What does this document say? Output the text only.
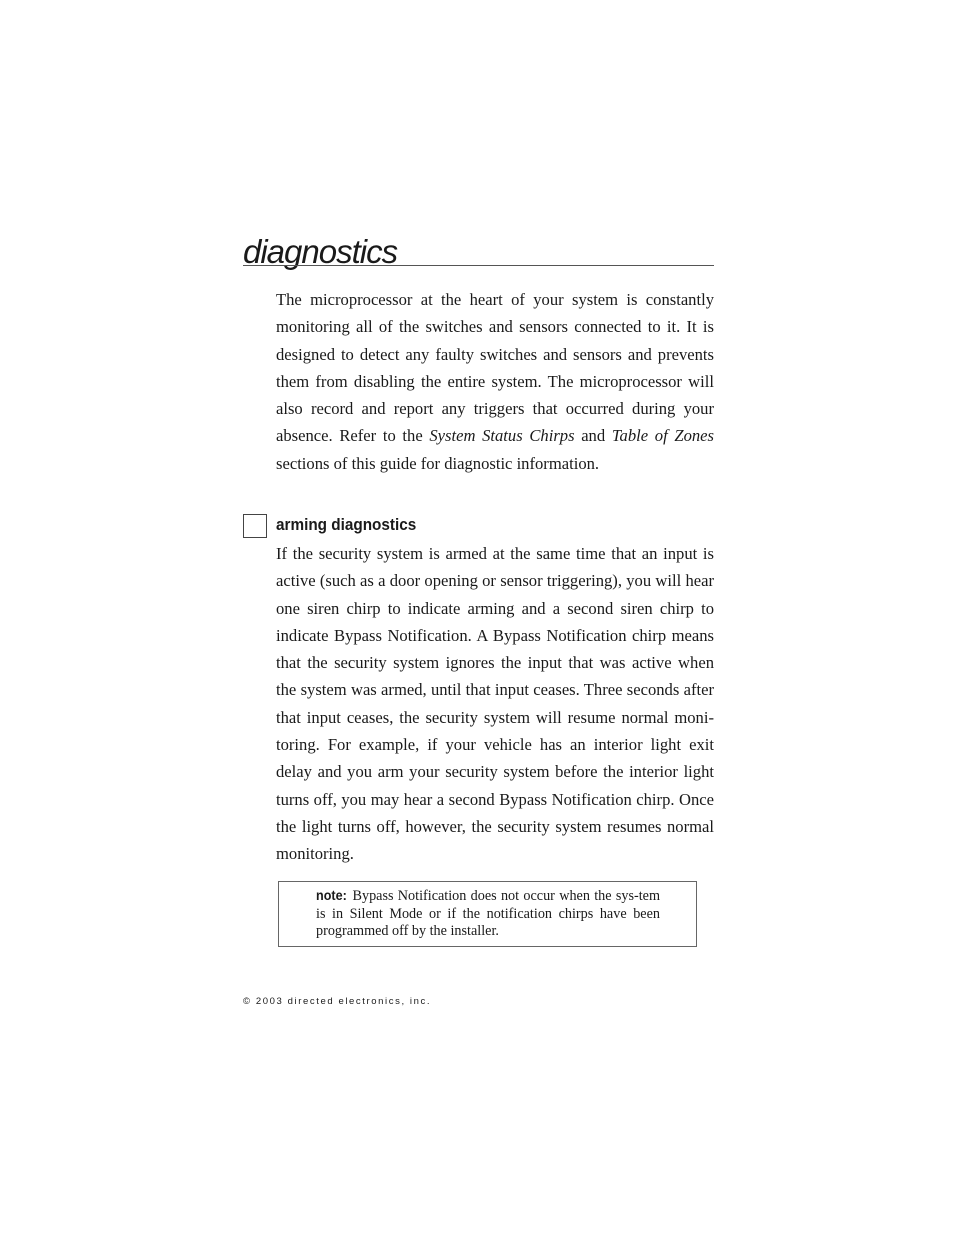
diagnostics

The microprocessor at the heart of your system is constantly monitoring all of the switches and sensors connected to it. It is designed to detect any faulty switches and sensors and prevents them from disabling the entire system. The microprocessor will also record and report any triggers that occurred during your absence. Refer to the System Status Chirps and Table of Zones sections of this guide for diagnostic information.

arming diagnostics

If the security system is armed at the same time that an input is active (such as a door opening or sensor triggering), you will hear one siren chirp to indicate arming and a second siren chirp to indicate Bypass Notification. A Bypass Notification chirp means that the security system ignores the input that was active when the system was armed, until that input ceases. Three seconds after that input ceases, the security system will resume normal moni-toring. For example, if your vehicle has an interior light exit delay and you arm your security system before the interior light turns off, you may hear a second Bypass Notification chirp. Once the light turns off, however, the security system resumes normal monitoring.

note: Bypass Notification does not occur when the sys-tem is in Silent Mode or if the notification chirps have been programmed off by the installer.

© 2003 directed electronics, inc.
